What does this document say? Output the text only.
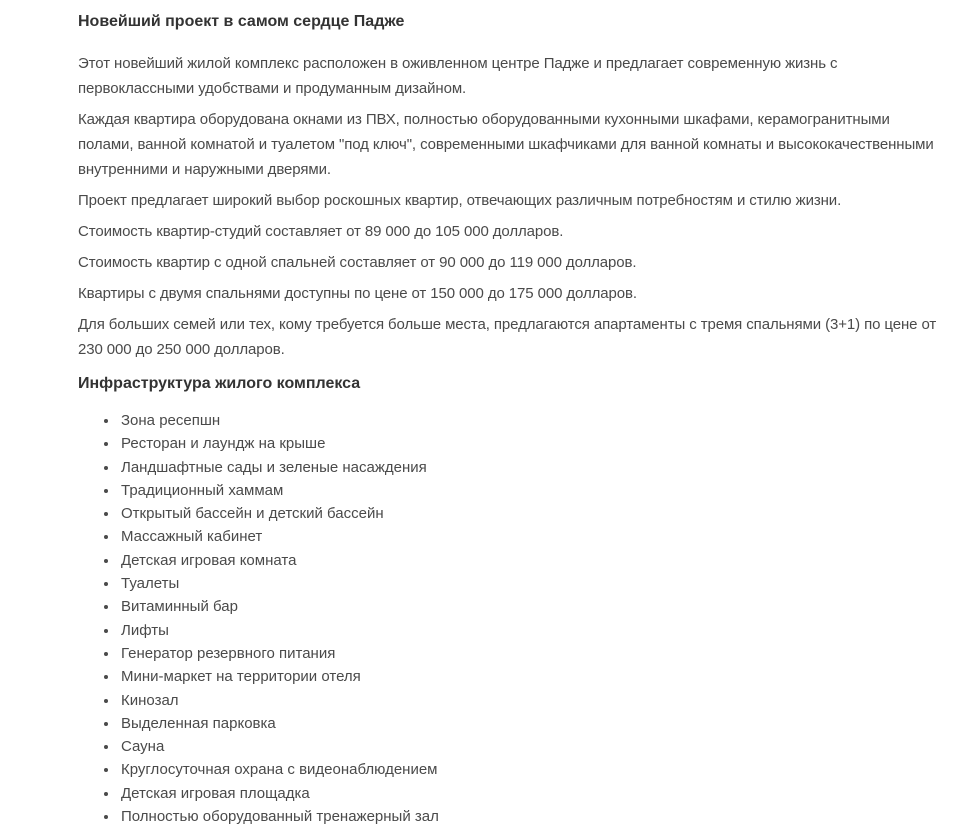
Новейший проект в самом сердце Падже

Этот новейший жилой комплекс расположен в оживленном центре Падже и предлагает современную жизнь с первоклассными удобствами и продуманным дизайном.

Каждая квартира оборудована окнами из ПВХ, полностью оборудованными кухонными шкафами, керамогранитными полами, ванной комнатой и туалетом "под ключ", современными шкафчиками для ванной комнаты и высококачественными внутренними и наружными дверями.

Проект предлагает широкий выбор роскошных квартир, отвечающих различным потребностям и стилю жизни.

Стоимость квартир-студий составляет от 89 000 до 105 000 долларов.

Стоимость квартир с одной спальней составляет от 90 000 до 119 000 долларов.

Квартиры с двумя спальнями доступны по цене от 150 000 до 175 000 долларов.

Для больших семей или тех, кому требуется больше места, предлагаются апартаменты с тремя спальнями (3+1) по цене от 230 000 до 250 000 долларов.

Инфраструктура жилого комплекса
• Зона ресепшн
• Ресторан и лаундж на крыше
• Ландшафтные сады и зеленые насаждения
• Традиционный хаммам
• Открытый бассейн и детский бассейн
• Массажный кабинет
• Детская игровая комната
• Туалеты
• Витаминный бар
• Лифты
• Генератор резервного питания
• Мини-маркет на территории отеля
• Кинозал
• Выделенная парковка
• Сауна
• Круглосуточная охрана с видеонаблюдением
• Детская игровая площадка
• Полностью оборудованный тренажерный зал
